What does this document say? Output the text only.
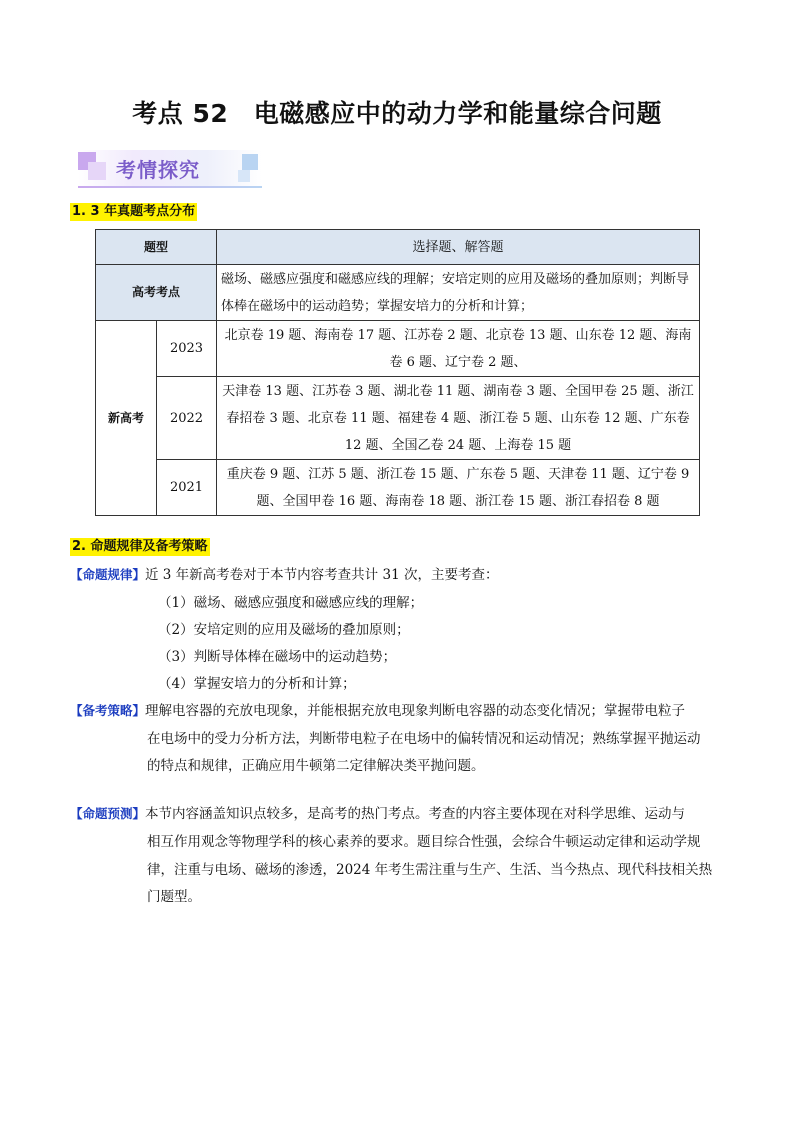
考点 52　电磁感应中的动力学和能量综合问题
考情探究
1. 3 年真题考点分布
题型		选择题、解答题
高考考点		磁场、磁感应强度和磁感应线的理解；安培定则的应用及磁场的叠加原则；判断导体棒在磁场中的运动趋势；掌握安培力的分析和计算；
新高考	2023	北京卷 19 题、海南卷 17 题、江苏卷 2 题、北京卷 13 题、山东卷 12 题、海南卷 6 题、辽宁卷 2 题、
	2022	天津卷 13 题、江苏卷 3 题、湖北卷 11 题、湖南卷 3 题、全国甲卷 25 题、浙江春招卷 3 题、北京卷 11 题、福建卷 4 题、浙江卷 5 题、山东卷 12 题、广东卷 12 题、全国乙卷 24 题、上海卷 15 题
	2021	重庆卷 9 题、江苏 5 题、浙江卷 15 题、广东卷 5 题、天津卷 11 题、辽宁卷 9 题、全国甲卷 16 题、海南卷 18 题、浙江卷 15 题、浙江春招卷 8 题
2. 命题规律及备考策略
【命题规律】近 3 年新高考卷对于本节内容考查共计 31 次，主要考查：
（1）磁场、磁感应强度和磁感应线的理解；
（2）安培定则的应用及磁场的叠加原则；
（3）判断导体棒在磁场中的运动趋势；
（4）掌握安培力的分析和计算；
【备考策略】理解电容器的充放电现象，并能根据充放电现象判断电容器的动态变化情况；掌握带电粒子
在电场中的受力分析方法，判断带电粒子在电场中的偏转情况和运动情况；熟练掌握平抛运动
的特点和规律，正确应用牛顿第二定律解决类平抛问题。
【命题预测】本节内容涵盖知识点较多，是高考的热门考点。考查的内容主要体现在对科学思维、运动与
相互作用观念等物理学科的核心素养的要求。题目综合性强，会综合牛顿运动定律和运动学规
律，注重与电场、磁场的渗透，2024 年考生需注重与生产、生活、当今热点、现代科技相关热
门题型。
